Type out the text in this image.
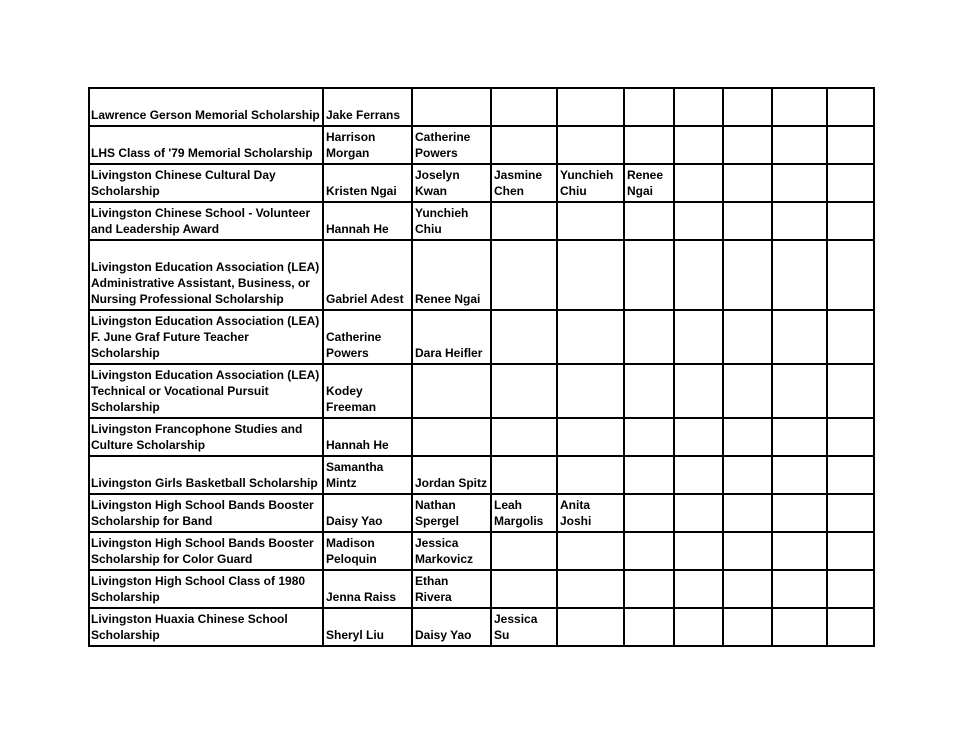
Lawrence Gerson Memorial Scholarship	Jake Ferrans								

LHS Class of '79 Memorial Scholarship	Harrison Morgan	Catherine Powers							

Livingston Chinese Cultural Day Scholarship	Kristen Ngai	Joselyn Kwan	Jasmine Chen	Yunchieh Chiu	Renee Ngai				

Livingston Chinese School - Volunteer and Leadership Award	Hannah He	Yunchieh Chiu							

Livingston Education Association (LEA) Administrative Assistant, Business, or Nursing Professional Scholarship	Gabriel Adest	Renee Ngai							

Livingston Education Association (LEA) F. June Graf Future Teacher Scholarship	Catherine Powers	Dara Heifler							

Livingston Education Association (LEA) Technical or Vocational Pursuit Scholarship	Kodey Freeman								

Livingston Francophone Studies and Culture Scholarship	Hannah He								

Livingston Girls Basketball Scholarship	Samantha Mintz	Jordan Spitz							

Livingston High School Bands Booster Scholarship for Band	Daisy Yao	Nathan Spergel	Leah Margolis	Anita Joshi					

Livingston High School Bands Booster Scholarship for Color Guard	Madison Peloquin	Jessica Markovicz							

Livingston High School Class of 1980 Scholarship	Jenna Raiss	Ethan Rivera							

Livingston Huaxia Chinese School Scholarship	Sheryl Liu	Daisy Yao	Jessica Su						
